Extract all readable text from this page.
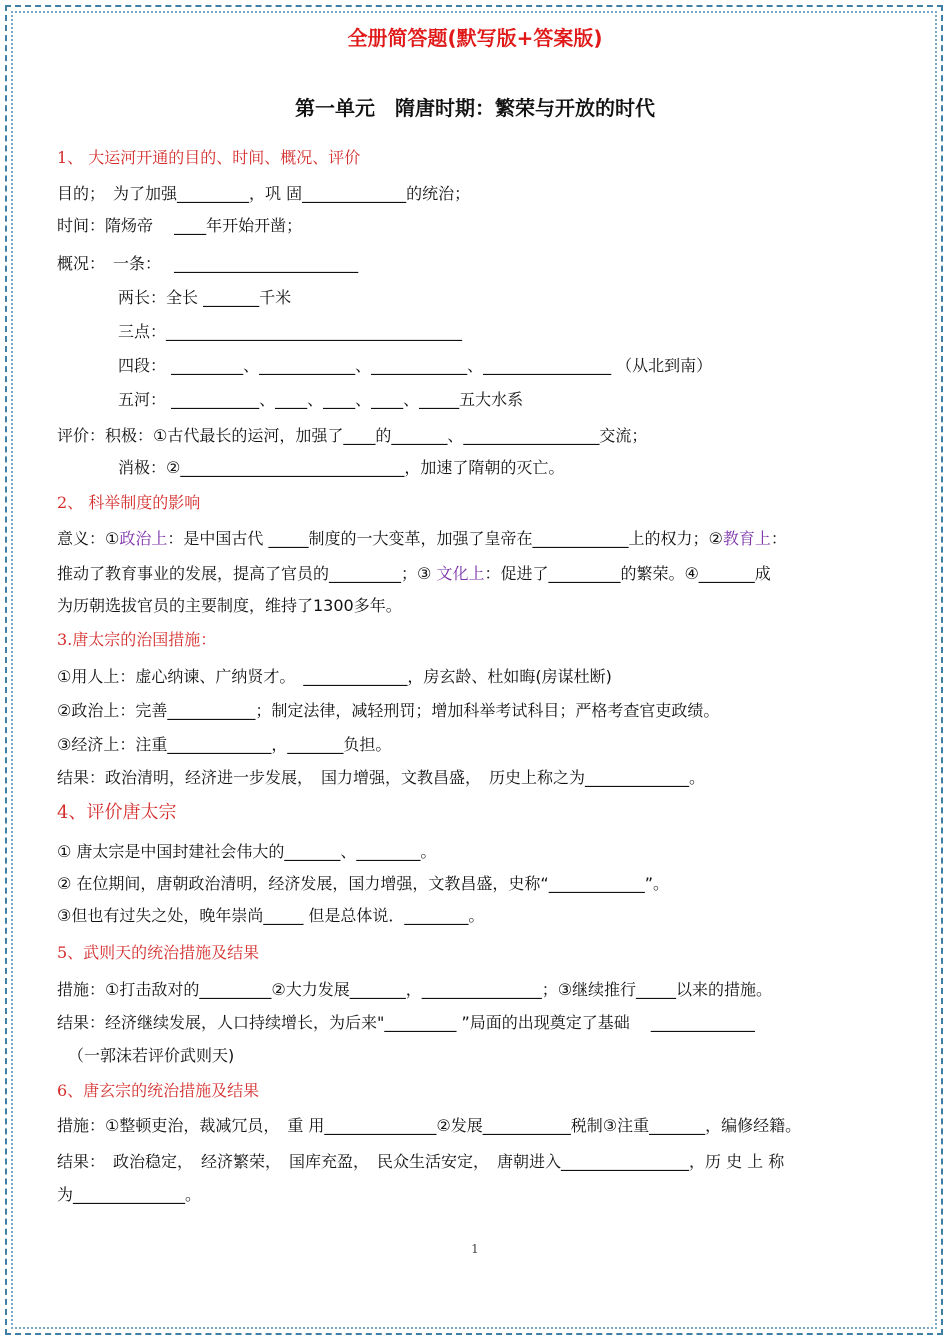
全册简答题(默写版+答案版)
第一单元　隋唐时期：繁荣与开放的时代
1、 大运河开通的目的、时间、概况、评价
目的；　为了加强_________，巩 固_____________的统治；
时间：隋炀帝　 ____年开始开凿；
概况：　一条：　 _______________________
两长：全长 _______千米
三点：_____________________________________
四段： _________、____________、____________、________________ （从北到南）
五河： ___________、____、____、____、_____五大水系
评价：积极：①古代最长的运河，加强了____的_______、_________________交流；
消极：②____________________________，加速了隋朝的灭亡。
2、 科举制度的影响
意义：①政治上：是中国古代 _____制度的一大变革，加强了皇帝在____________上的权力；②教育上：
推动了教育事业的发展，提高了官员的_________；③ 文化上：促进了_________的繁荣。④_______成
为历朝选拔官员的主要制度，维持了1300多年。
3.唐太宗的治国措施：
①用人上：虚心纳谏、广纳贤才。　_____________，房玄龄、杜如晦(房谋杜断)
②政治上：完善___________；制定法律，减轻刑罚；增加科举考试科目；严格考查官吏政绩。
③经济上：注重_____________，_______负担。
结果：政治清明，经济进一步发展，　国力增强，文教昌盛，　历史上称之为_____________。
4、评价唐太宗
① 唐太宗是中国封建社会伟大的_______、________。
② 在位期间，唐朝政治清明，经济发展，国力增强，文教昌盛，史称“____________”。
③但也有过失之处，晚年崇尚_____ 但是总体说．________。
5、武则天的统治措施及结果
措施：①打击敌对的_________②大力发展_______，_______________；③继续推行_____以来的措施。
结果：经济继续发展，人口持续增长，为后来"_________ ”局面的出现奠定了基础　 _____________
（一郭沫若评价武则天)
6、唐玄宗的统治措施及结果
措施：①整顿吏治，裁减冗员，　重 用______________②发展___________税制③注重_______，编修经籍。
结果：　政治稳定，　经济繁荣，　国库充盈，　民众生活安定，　唐朝进入________________，历 史 上 称
为______________。
1
